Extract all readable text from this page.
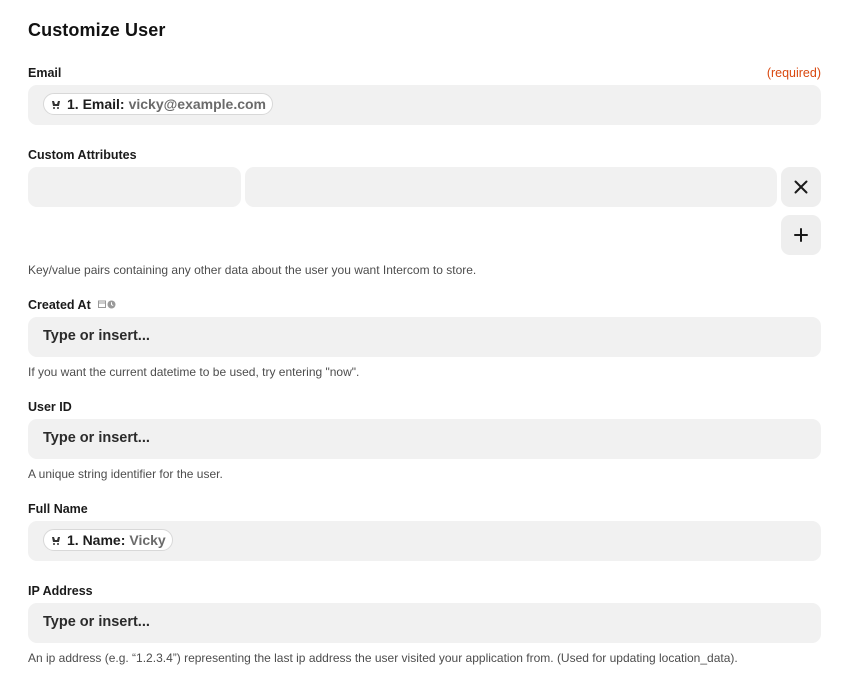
Customize User
Email	(required)
1. Email: vicky@example.com
Custom Attributes
Key/value pairs containing any other data about the user you want Intercom to store.
Created At
Type or insert...
If you want the current datetime to be used, try entering "now".
User ID
Type or insert...
A unique string identifier for the user.
Full Name
1. Name: Vicky
IP Address
Type or insert...
An ip address (e.g. “1.2.3.4”) representing the last ip address the user visited your application from. (Used for updating location_data).
